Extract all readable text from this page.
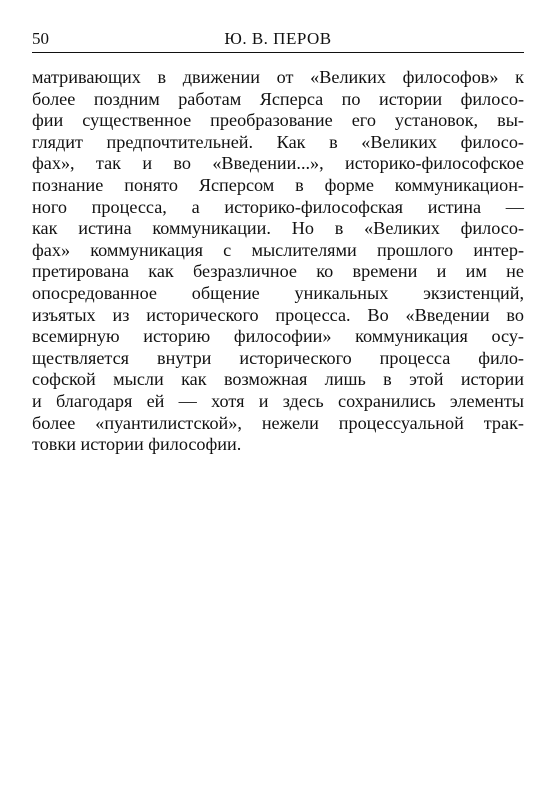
50	Ю. В. ПЕРОВ
матривающих в движении от «Великих философов» к
более поздним работам Ясперса по истории филосо-
фии существенное преобразование его установок, вы-
глядит предпочтительней. Как в «Великих филосо-
фах», так и во «Введении...», историко-философское
познание понято Ясперсом в форме коммуникацион-
ного процесса, а историко-философская истина —
как истина коммуникации. Но в «Великих филосо-
фах» коммуникация с мыслителями прошлого интер-
претирована как безразличное ко времени и им не
опосредованное общение уникальных экзистенций,
изъятых из исторического процесса. Во «Введении во
всемирную историю философии» коммуникация осу-
ществляется внутри исторического процесса фило-
софской мысли как возможная лишь в этой истории
и благодаря ей — хотя и здесь сохранились элементы
более «пуантилистской», нежели процессуальной трак-
товки истории философии.
